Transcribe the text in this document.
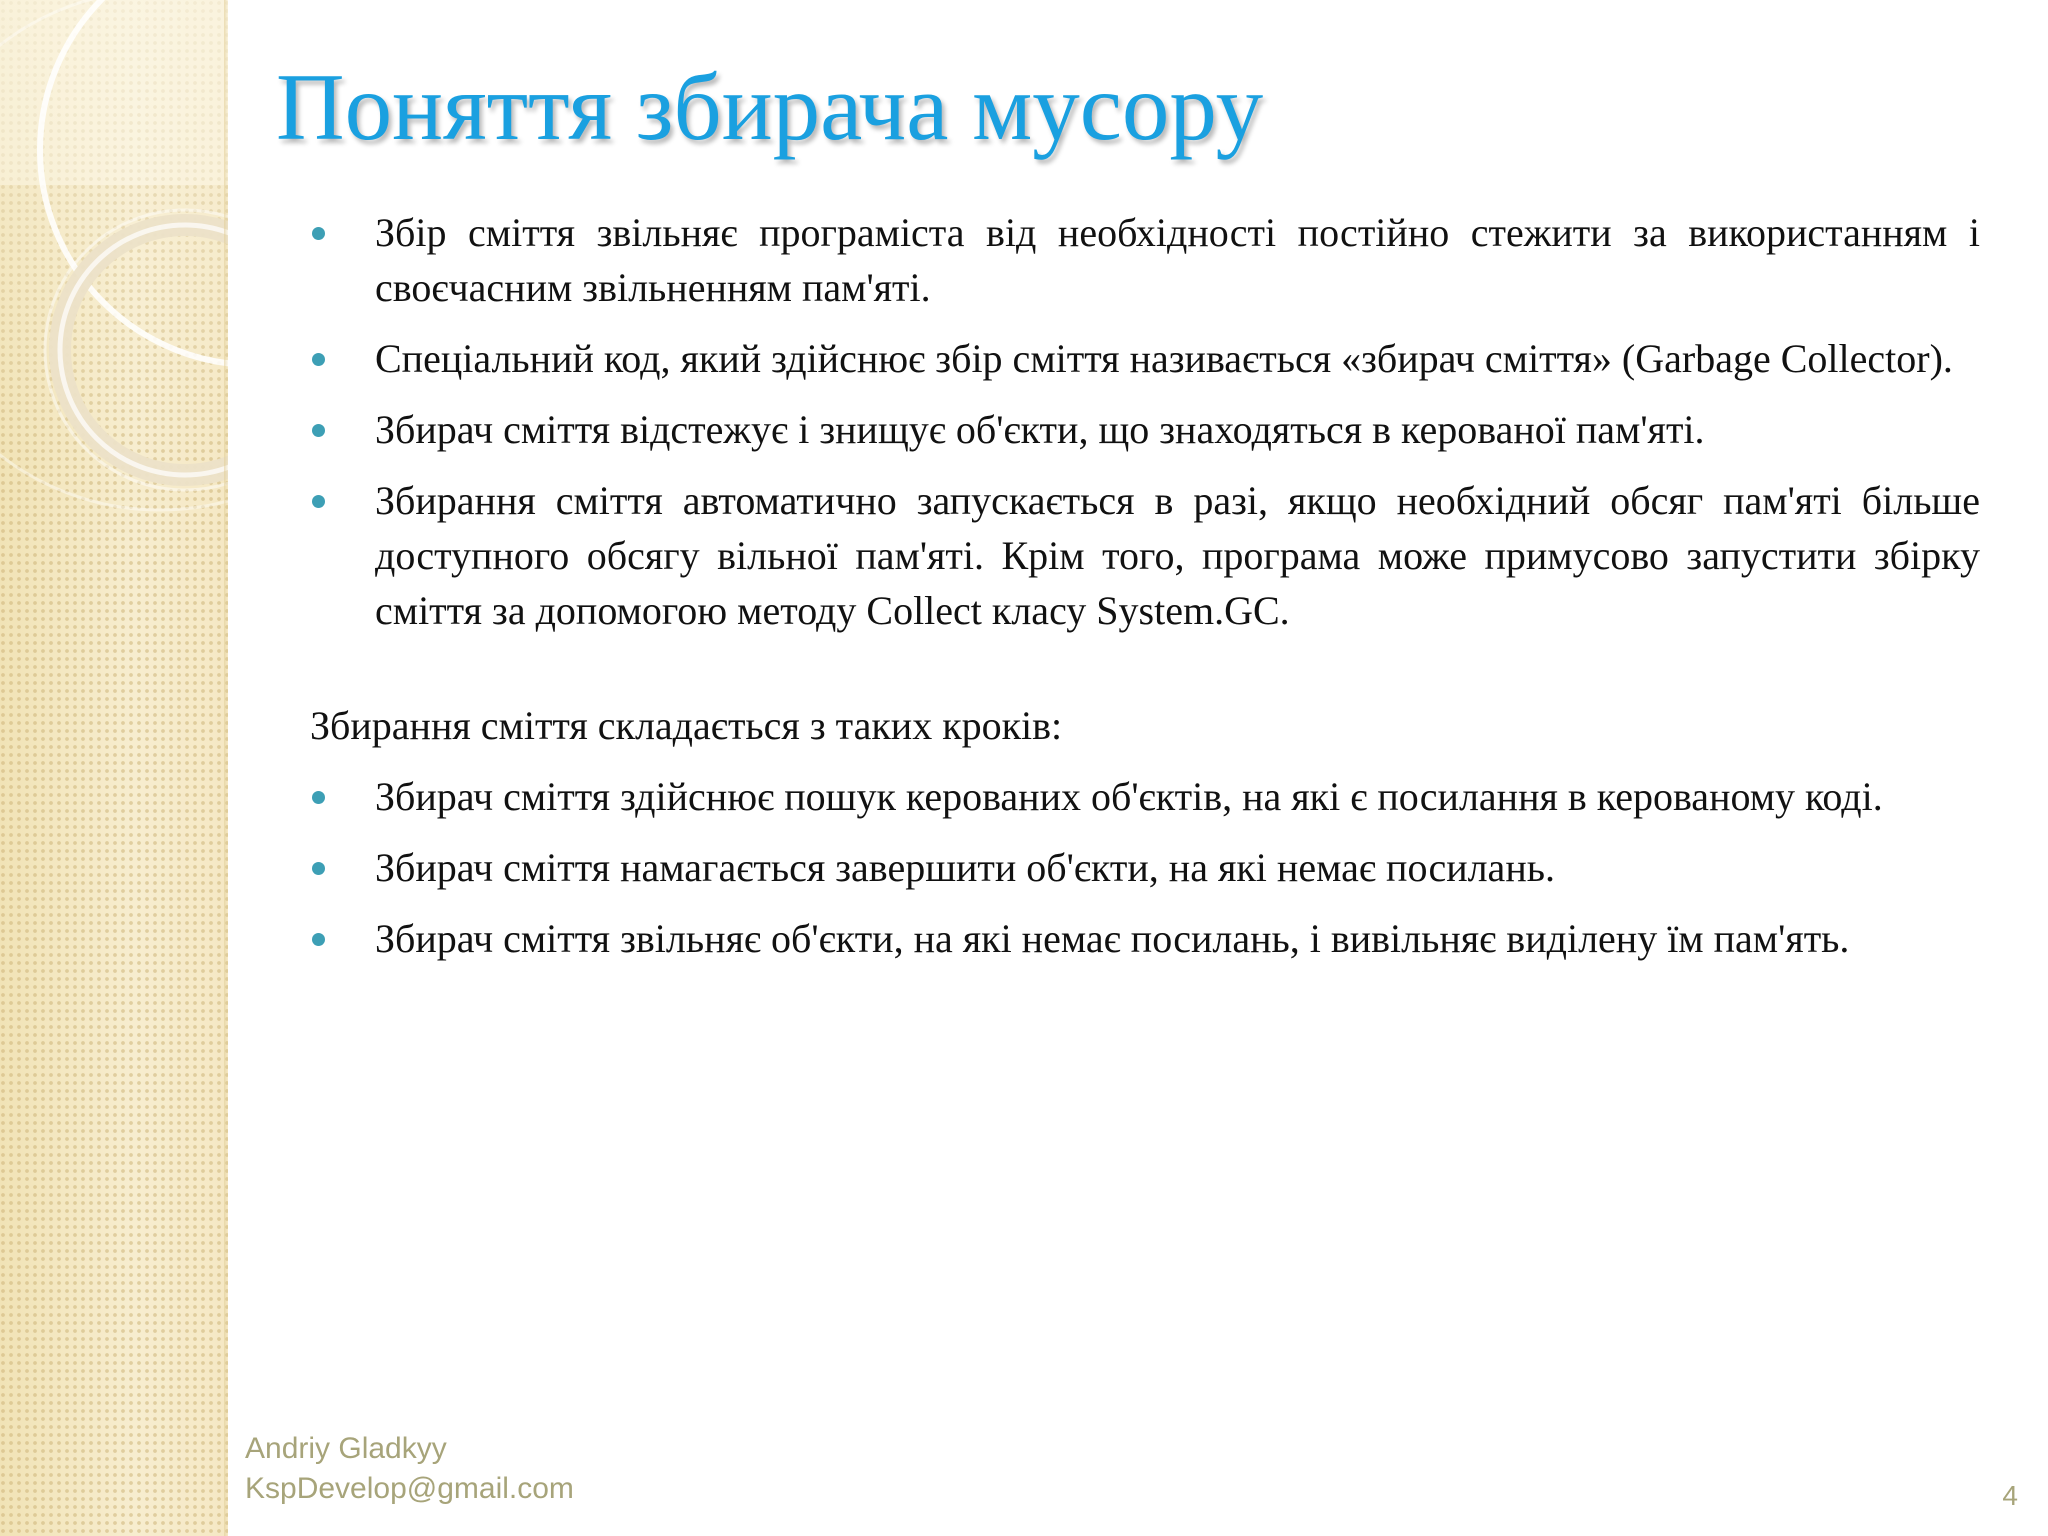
Поняття збирача мусору
Збір сміття звільняє програміста від необхідності постійно стежити за використанням і своєчасним звільненням пам'яті.
Спеціальний код, який здійснює збір сміття називається «збирач сміття» (Garbage Collector).
Збирач сміття відстежує і знищує об'єкти, що знаходяться в керованої пам'яті.
Збирання сміття автоматично запускається в разі, якщо необхідний обсяг пам'яті більше доступного обсягу вільної пам'яті. Крім того, програма може примусово запустити збірку сміття за допомогою методу Collect класу System.GC.

Збирання сміття складається з таких кроків:

Збирач сміття здійснює пошук керованих об'єктів, на які є посилання в керованому коді.
Збирач сміття намагається завершити об'єкти, на які немає посилань.
Збирач сміття звільняє об'єкти, на які немає посилань, і вивільняє виділену їм пам'ять.
Andriy Gladkyy
KspDevelop@gmail.com	4
